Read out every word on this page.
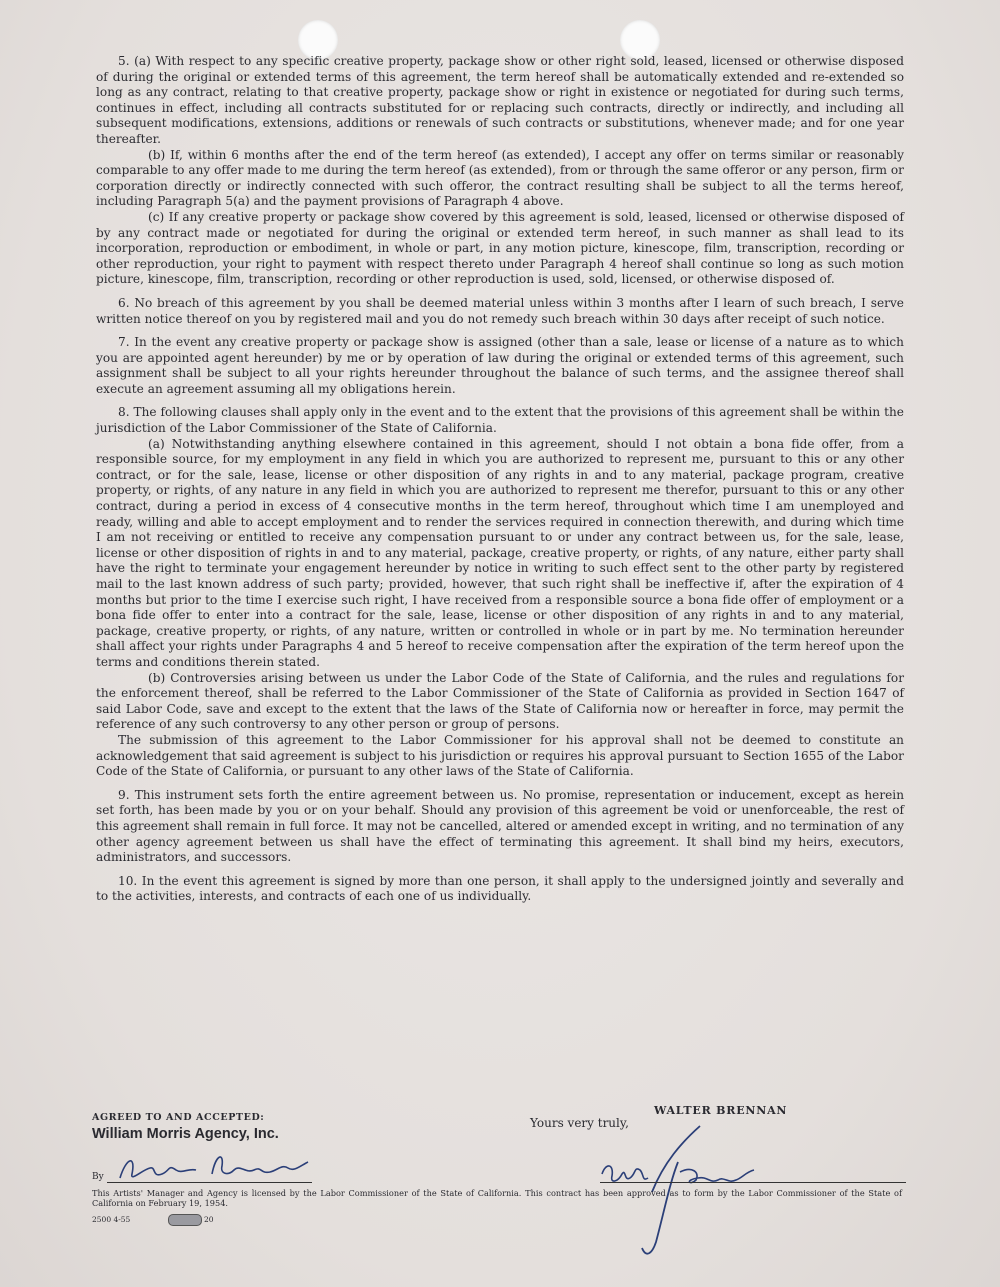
5. (a) With respect to any specific creative property, package show or other right sold, leased, licensed or otherwise disposed of during the original or extended terms of this agreement, the term hereof shall be automatically extended and re-extended so long as any contract, relating to that creative property, package show or right in existence or negotiated for during such terms, continues in effect, including all contracts substituted for or replacing such contracts, directly or indirectly, and including all subsequent modifications, extensions, additions or renewals of such contracts or substitutions, whenever made; and for one year thereafter.

(b) If, within 6 months after the end of the term hereof (as extended), I accept any offer on terms similar or reasonably comparable to any offer made to me during the term hereof (as extended), from or through the same offeror or any person, firm or corporation directly or indirectly connected with such offeror, the contract resulting shall be subject to all the terms hereof, including Paragraph 5(a) and the payment provisions of Paragraph 4 above.

(c) If any creative property or package show covered by this agreement is sold, leased, licensed or otherwise disposed of by any contract made or negotiated for during the original or extended term hereof, in such manner as shall lead to its incorporation, reproduction or embodiment, in whole or part, in any motion picture, kinescope, film, transcription, recording or other reproduction, your right to payment with respect thereto under Paragraph 4 hereof shall continue so long as such motion picture, kinescope, film, transcription, recording or other reproduction is used, sold, licensed, or otherwise disposed of.

6. No breach of this agreement by you shall be deemed material unless within 3 months after I learn of such breach, I serve written notice thereof on you by registered mail and you do not remedy such breach within 30 days after receipt of such notice.

7. In the event any creative property or package show is assigned (other than a sale, lease or license of a nature as to which you are appointed agent hereunder) by me or by operation of law during the original or extended terms of this agreement, such assignment shall be subject to all your rights hereunder throughout the balance of such terms, and the assignee thereof shall execute an agreement assuming all my obligations herein.

8. The following clauses shall apply only in the event and to the extent that the provisions of this agreement shall be within the jurisdiction of the Labor Commissioner of the State of California.

(a) Notwithstanding anything elsewhere contained in this agreement, should I not obtain a bona fide offer, from a responsible source, for my employment in any field in which you are authorized to represent me, pursuant to this or any other contract, or for the sale, lease, license or other disposition of any rights in and to any material, package program, creative property, or rights, of any nature in any field in which you are authorized to represent me therefor, pursuant to this or any other contract, during a period in excess of 4 consecutive months in the term hereof, throughout which time I am unemployed and ready, willing and able to accept employment and to render the services required in connection therewith, and during which time I am not receiving or entitled to receive any compensation pursuant to or under any contract between us, for the sale, lease, license or other disposition of rights in and to any material, package, creative property, or rights, of any nature, either party shall have the right to terminate your engagement hereunder by notice in writing to such effect sent to the other party by registered mail to the last known address of such party; provided, however, that such right shall be ineffective if, after the expiration of 4 months but prior to the time I exercise such right, I have received from a responsible source a bona fide offer of employment or a bona fide offer to enter into a contract for the sale, lease, license or other disposition of any rights in and to any material, package, creative property, or rights, of any nature, written or controlled in whole or in part by me. No termination hereunder shall affect your rights under Paragraphs 4 and 5 hereof to receive compensation after the expiration of the term hereof upon the terms and conditions therein stated.

(b) Controversies arising between us under the Labor Code of the State of California, and the rules and regulations for the enforcement thereof, shall be referred to the Labor Commissioner of the State of California as provided in Section 1647 of said Labor Code, save and except to the extent that the laws of the State of California now or hereafter in force, may permit the reference of any such controversy to any other person or group of persons.

The submission of this agreement to the Labor Commissioner for his approval shall not be deemed to constitute an acknowledgement that said agreement is subject to his jurisdiction or requires his approval pursuant to Section 1655 of the Labor Code of the State of California, or pursuant to any other laws of the State of California.

9. This instrument sets forth the entire agreement between us. No promise, representation or inducement, except as herein set forth, has been made by you or on your behalf. Should any provision of this agreement be void or unenforceable, the rest of this agreement shall remain in full force. It may not be cancelled, altered or amended except in writing, and no termination of any other agency agreement between us shall have the effect of terminating this agreement. It shall bind my heirs, executors, administrators, and successors.

10. In the event this agreement is signed by more than one person, it shall apply to the undersigned jointly and severally and to the activities, interests, and contracts of each one of us individually.

AGREED TO AND ACCEPTED:
William Morris Agency, Inc.
By
WALTER BRENNAN
Yours very truly,
This Artists' Manager and Agency is licensed by the Labor Commissioner of the State of California. This contract has been approved as to form by the Labor Commissioner of the State of California on February 19, 1954.
2500 4-55	20
